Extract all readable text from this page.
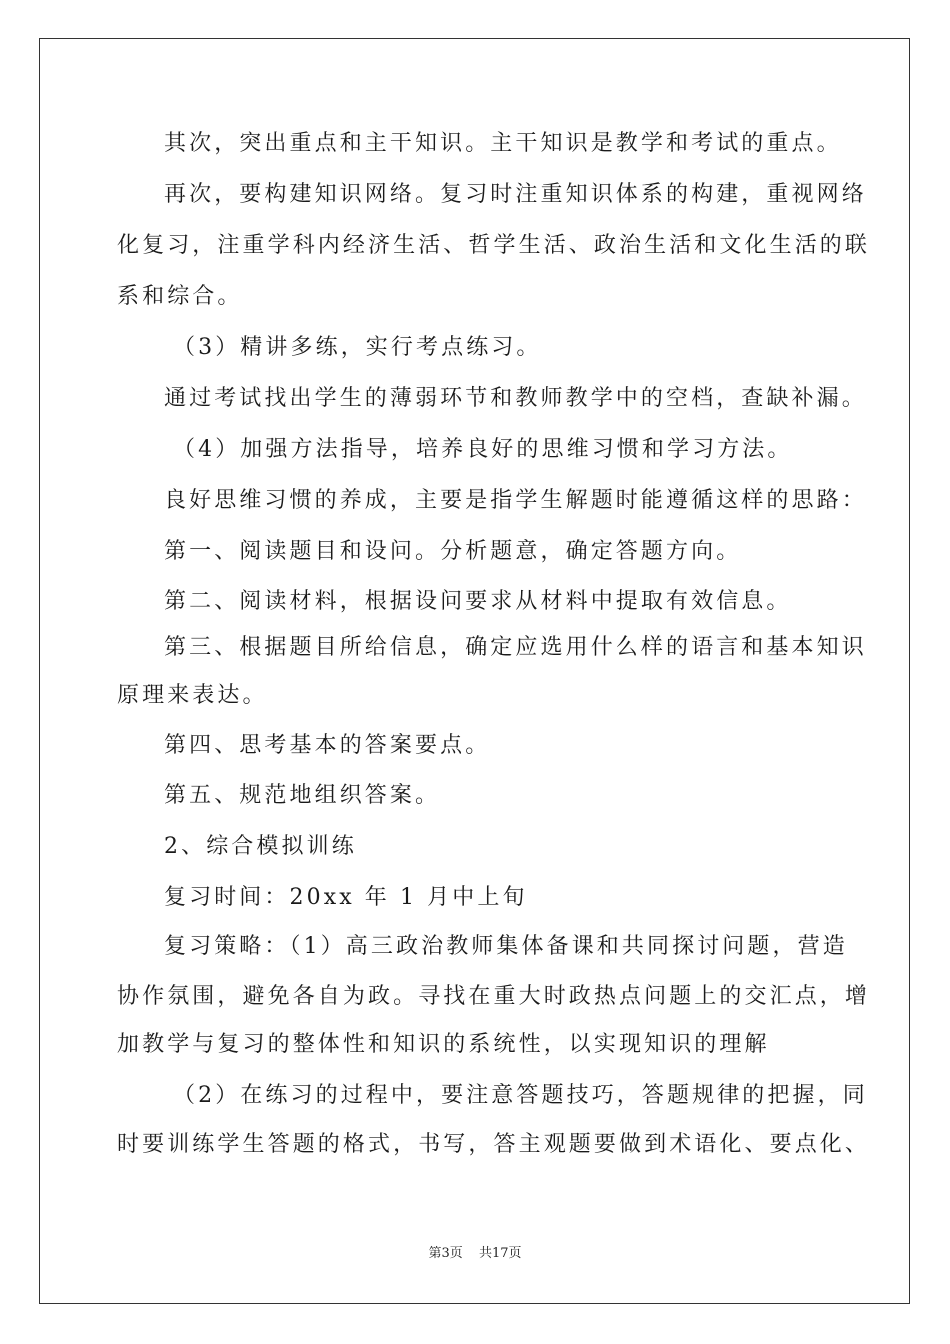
其次，突出重点和主干知识。主干知识是教学和考试的重点。
再次，要构建知识网络。复习时注重知识体系的构建，重视网络
化复习，注重学科内经济生活、哲学生活、政治生活和文化生活的联
系和综合。
（3）精讲多练，实行考点练习。
通过考试找出学生的薄弱环节和教师教学中的空档，查缺补漏。
（4）加强方法指导，培养良好的思维习惯和学习方法。
良好思维习惯的养成，主要是指学生解题时能遵循这样的思路：
第一、阅读题目和设问。分析题意，确定答题方向。
第二、阅读材料，根据设问要求从材料中提取有效信息。
第三、根据题目所给信息，确定应选用什么样的语言和基本知识
原理来表达。
第四、思考基本的答案要点。
第五、规范地组织答案。
2、综合模拟训练
复习时间：20xx 年 1 月中上旬
复习策略：（1）高三政治教师集体备课和共同探讨问题，营造
协作氛围，避免各自为政。寻找在重大时政热点问题上的交汇点，增
加教学与复习的整体性和知识的系统性，以实现知识的理解
（2）在练习的过程中，要注意答题技巧，答题规律的把握，同
时要训练学生答题的格式，书写，答主观题要做到术语化、要点化、
第3页 共17页
